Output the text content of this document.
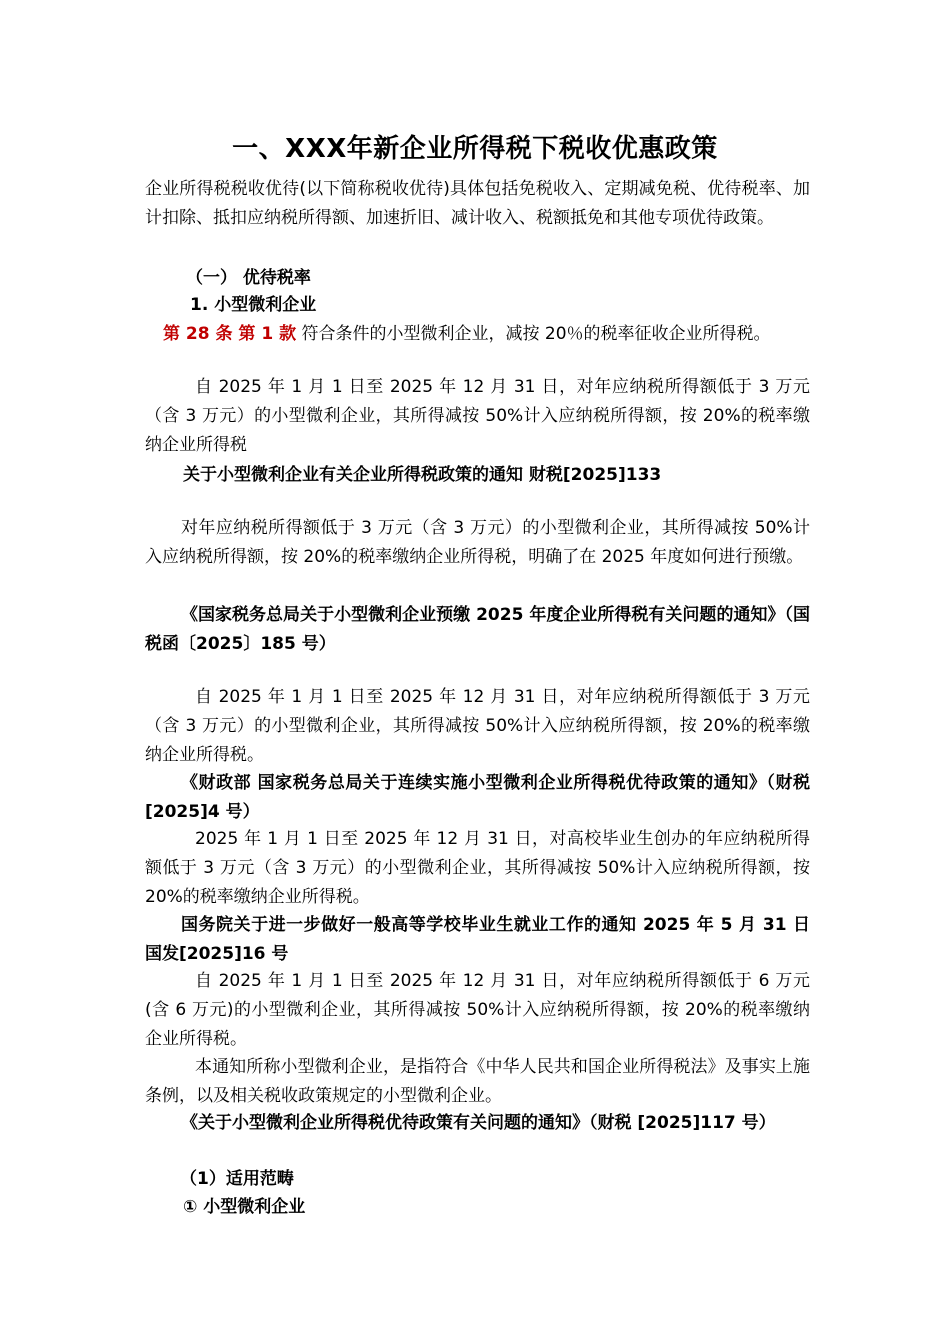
一、XXX年新企业所得税下税收优惠政策
企业所得税税收优待(以下简称税收优待)具体包括免税收入、定期减免税、优待税率、加计扣除、抵扣应纳税所得额、加速折旧、减计收入、税额抵免和其他专项优待政策。
（一） 优待税率
1. 小型微利企业
第 28 条 第 1 款 符合条件的小型微利企业，减按 20％的税率征收企业所得税。
自 2025 年 1 月 1 日至 2025 年 12 月 31 日，对年应纳税所得额低于 3 万元（含 3 万元）的小型微利企业，其所得减按 50%计入应纳税所得额，按 20%的税率缴纳企业所得税
关于小型微利企业有关企业所得税政策的通知 财税[2025]133
对年应纳税所得额低于 3 万元（含 3 万元）的小型微利企业，其所得减按 50%计入应纳税所得额，按 20%的税率缴纳企业所得税，明确了在 2025 年度如何进行预缴。
《国家税务总局关于小型微利企业预缴 2025 年度企业所得税有关问题的通知》（国税函〔2025〕185 号）
自 2025 年 1 月 1 日至 2025 年 12 月 31 日，对年应纳税所得额低于 3 万元（含 3 万元）的小型微利企业，其所得减按 50%计入应纳税所得额，按 20%的税率缴纳企业所得税。
《财政部 国家税务总局关于连续实施小型微利企业所得税优待政策的通知》（财税[2025]4 号）
2025 年 1 月 1 日至 2025 年 12 月 31 日，对高校毕业生创办的年应纳税所得额低于 3 万元（含 3 万元）的小型微利企业，其所得减按 50%计入应纳税所得额，按 20%的税率缴纳企业所得税。
国务院关于进一步做好一般高等学校毕业生就业工作的通知 2025 年 5 月 31 日 国发[2025]16 号
自 2025 年 1 月 1 日至 2025 年 12 月 31 日，对年应纳税所得额低于 6 万元(含 6 万元)的小型微利企业，其所得减按 50%计入应纳税所得额，按 20%的税率缴纳企业所得税。
本通知所称小型微利企业，是指符合《中华人民共和国企业所得税法》及事实上施条例，以及相关税收政策规定的小型微利企业。
《关于小型微利企业所得税优待政策有关问题的通知》（财税 [2025]117 号）
（1）适用范畴
① 小型微利企业
